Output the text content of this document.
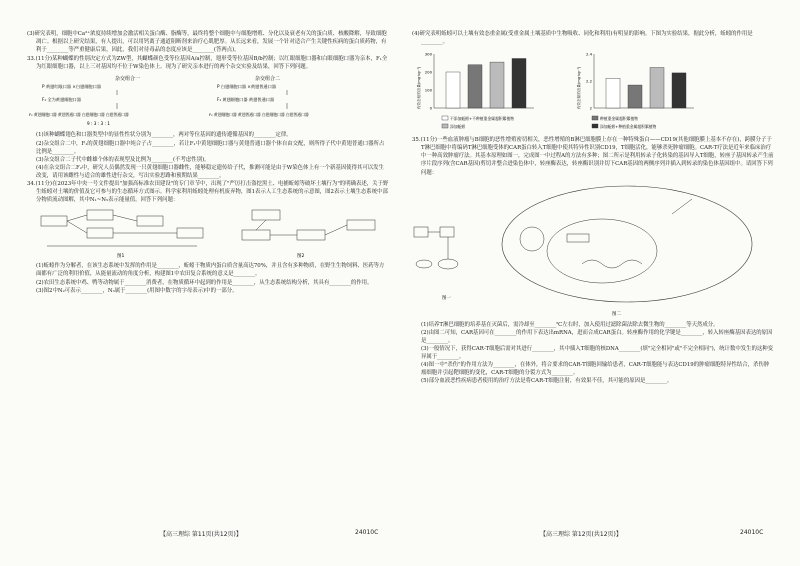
(3)研究表明，细胞中Ca²⁺浓度持续增加会激活相关蛋白酶、脂酶等，最终将整个细胞中与细胞增殖、分化以及衰老有关的蛋白质、核酸降解，导致细胞凋亡。根据以上研究结果，有人提出，可以用钙离子通道阻断剂来治疗心肌肥厚。从长远来看，发展一个针对适合产生关键性疾病的蛋白质药物，有利于________等严重健康后果，因此，我们对待毒品的态度应该是________(答两点)。

33.(11分)某种蝴蝶的性别决定方式为ZW型，其蝴蝶颜色受等位基因A/a控制，翅形受等位基因B/b控制；以红眼细胞口器和白眼细胞口器为亲本，F₁全为红眼细胞口器，以上三对基因均不位于W染色体上。现为了研究亲本进行的两个杂交实验及结果，回答下列问题。

杂交组合一	杂交组合二
P 黄翅红眼口器 ×白翅细胞口器	P 白翅细胞口器 ×黄翅普通口器
F₁ 全为黄翅细胞口器	F₁ 黄翅细胞口器 黄翅普通口器
F₂ 黄翅细胞口器 黄翅普通口器 白翅细胞口器 白翅普通口器	F₂ 黄翅细胞口器 黄翅普通口器 白翅细胞口器 白翅普通口器
9 : 3 : 3 : 1

(1)该种蝴蝶翅色和口器类型中的显性性状分别为________，两对等位基因的遗传遵循基因的________定律。

(2)杂交组合二中，F₁的黄翅细胞口器中纯合子占________，若让F₁中黄翅细胞口器与黄翅普通口器个体自由交配，则所得子代中黄翅普通口器所占比例是________。

(3)杂交组合二子代中雌雄个体的表现型及比例为________(不考虑性别)。

(4)在杂交组合二F₂中，研究人员偶然发现一只黄翅细胞口器雌性，能够稳定遗传给子代，推测可能是由于W染色体上有一个新基因使得其可以发生改变，请用该雌性与适合的雄性进行杂交，写出实验思路和预期结果________。

34.(11分)在2023年中央一号文件提出"加强高标准农田建设"的专门章节中，出现了"严厉打击盗挖黑土、电捕蚯蚓等破坏土壤行为"的明确表述，关于野生蚯蚓对土壤的价值及它可参与的生态循环方式图示。科学家利用蚯蚓处理有机废弃物，图1表示人工生态系统的示意图，图2表示土壤生态系统中部分物质流动图解，其中N₁~N₅表示能量值。回答下列问题：

图1	图2

(1)蚯蚓作为分解者，在该生态系统中发挥的作用是________，蚯蚓干物质内蛋白质含量高达70%，并且含有多种物质，在野生生物饲料、医药等方面都有广泛的利用价值，从能量流动的角度分析，构建图1中农田复合系统的意义是________。

(2)农田生态系统中鸡、鸭等动物属于________消费者，在物质循环中起到的作用是________，从生态系统结构分析，其具有________的作用。

(3)图2中N₂可表示________，N₃属于________(用图中数字的字母表示)中的一部分。

(4)研究表明蚯蚓可以土壤有效态重金属(受重金属土壤基质中生物吸收、同化和利用)有明显的影响。下图为实验结果，据此分析，蚯蚓的作用是________。

有效态铅的含量(mg·kg⁻¹)	有效态镉的含量(mg·kg⁻¹)
不添加蚯蚓+不种植重金属超积累植物	种植重金属超积累植物
添加蚯蚓	添加蚯蚓+种植重金属超积累植物
0
100
200
300
2
2.2
2.4

35.(11分)一些血液肿瘤与B细胞的恶性增殖密切相关，恶性增殖的B淋巴细胞膜上存在一种特殊蛋白——CD19(其他细胞膜上基本不存在)，跨膜分子于T淋巴细胞中将编码T淋巴细胞受体的CAR蛋白转入T细胞中使其特异性识别CD19，T细胞活化，能够杀死肿瘤细胞。CAR-T疗法是近年来临床治疗中一种高效肿瘤疗法。其基本原理如图一，完成图一中过程A的方法有多种；图二所示是利用转录子化转染的基因导入T细胞，转座子基因转录产生前序片段序列(含CAR基因)剪切并整合进染色体中，转座酶表达，转座酶识别并切下CAR基因的两侧序列并插入到转录的染色体基因组中。请回答下列问题：

图一
图二

(1)培养T淋巴细胞的培养基在灭菌后，需冷却至________℃左右时，加入使用过滤除菌法除去微生物的________等天然成分。

(2)由图二可知，CAR基因可在________的作用下表达出mRNA，进而合成CAR蛋白。转座酶作用的化学键是________，转入转座酶基因表达的原因是________。

(3)一般情况下，获得CAR-T细胞后需对其进行________，其中插入T细胞的核DNA________(填"完全相同"或"不完全相同")，统计数中发生的这种变异属于________。

(4)图一中"杀伤"的作用方法为________，在体外，将合要求的CAR-T细胞回输给患者，CAR-T细胞能与表达CD19的肿瘤细胞特异性结合，杀伤肿瘤细胞并引起靶细胞的变化，CAR-T细胞的分裂方式为________。

(5)部分血液恶性疾病患者使用的治疗方法是将CAR-T细胞注射，有效果不佳，其可能的原因是________。

【高三理综 第11页(共12页)】	24010C	【高三理综 第12页(共12页)】	24010C
